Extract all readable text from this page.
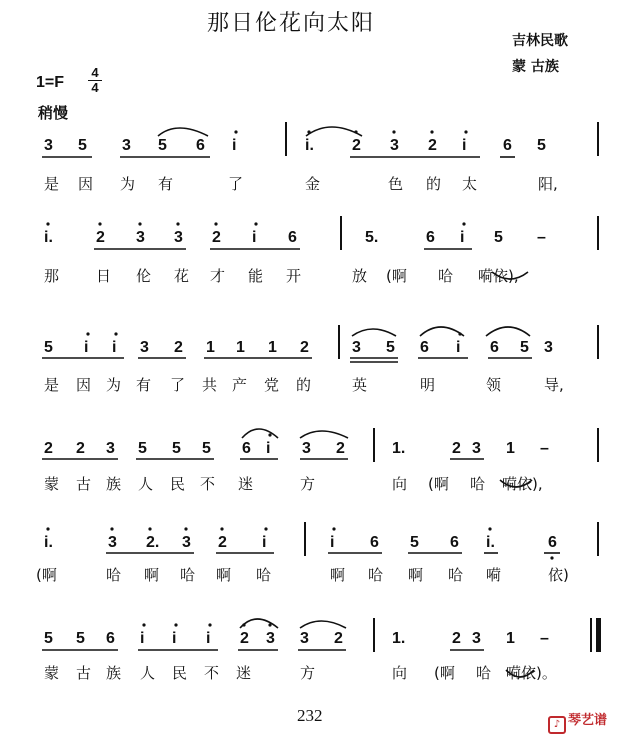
那日伦花向太阳
吉林民歌
蒙 古族
1=F
4
4
稍慢
3 5 3 5 6 i	i. 2 3 2 i 6 5
是 因 为 有	了	金	色 的 太	阳,
i.	2 3 3 2 i 6	5.	6 i 5 –
那 日 伦 花 才 能 开	放 (啊 哈 嗬依),
5 i i 3 2 1 1 1 2	3 5 6 i 6 5 3
是 因 为 有 了 共 产 党 的	英	明	领	导,
2 2 3 5 5 5 6 i 3 2	1.	2 3 1 –
蒙 古 族 人 民 不 迷	方	向 (啊 哈 嗬依),
i.	3 2. 3 2 i	i 6 5 6 i.	6
(啊	哈 啊 哈 啊 哈	啊 哈 啊 哈 嗬	依)
5 5 6 i i i 2 3 3 2	1.	2 3 1 –
蒙 古 族 人 民 不 迷	方	向 (啊 哈 嗬依)。
232	♪ 琴艺谱
